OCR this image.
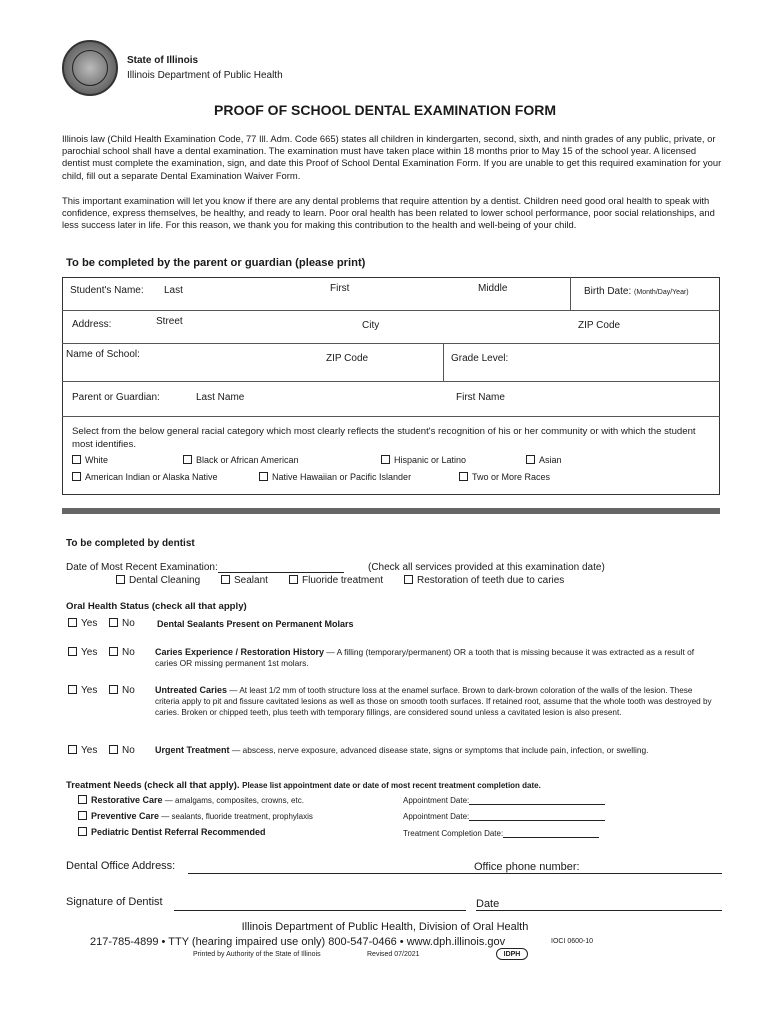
State of Illinois
Illinois Department of Public Health
PROOF OF SCHOOL DENTAL EXAMINATION FORM
Illinois law (Child Health Examination Code, 77 Ill. Adm. Code 665) states all children in kindergarten, second, sixth, and ninth grades of any public, private, or parochial school shall have a dental examination. The examination must have taken place within 18 months prior to May 15 of the school year. A licensed dentist must complete the examination, sign, and date this Proof of School Dental Examination Form. If you are unable to get this required examination for your child, fill out a separate Dental Examination Waiver Form.
This important examination will let you know if there are any dental problems that require attention by a dentist. Children need good oral health to speak with confidence, express themselves, be healthy, and ready to learn. Poor oral health has been related to lower school performance, poor social relationships, and less success later in life. For this reason, we thank you for making this contribution to the health and well-being of your child.
To be completed by the parent or guardian (please print)
Student's Name: Last	First	Middle	Birth Date: (Month/Day/Year)
Address:	Street	City	ZIP Code
Name of School:	ZIP Code	Grade Level:
Parent or Guardian:	Last Name	First Name
Select from the below general racial category which most clearly reflects the student's recognition of his or her community or with which the student most identifies.
White	Black or African American	Hispanic or Latino	Asian
American Indian or Alaska Native	Native Hawaiian or Pacific Islander	Two or More Races
To be completed by dentist
Date of Most Recent Examination:	(Check all services provided at this examination date)
Dental Cleaning	Sealant	Fluoride treatment	Restoration of teeth due to caries
Oral Health Status (check all that apply)
Yes	No Dental Sealants Present on Permanent Molars
Yes	No Caries Experience / Restoration History — A filling (temporary/permanent) OR a tooth that is missing because it was extracted as a result of caries OR missing permanent 1st molars.
Yes	No Untreated Caries — At least 1/2 mm of tooth structure loss at the enamel surface. Brown to dark-brown coloration of the walls of the lesion. These criteria apply to pit and fissure cavitated lesions as well as those on smooth tooth surfaces. If retained root, assume that the whole tooth was destroyed by caries. Broken or chipped teeth, plus teeth with temporary fillings, are considered sound unless a cavitated lesion is also present.
Yes	No Urgent Treatment — abscess, nerve exposure, advanced disease state, signs or symptoms that include pain, infection, or swelling.
Treatment Needs (check all that apply). Please list appointment date or date of most recent treatment completion date.
Restorative Care — amalgams, composites, crowns, etc.	Appointment Date:
Preventive Care — sealants, fluoride treatment, prophylaxis	Appointment Date:
Pediatric Dentist Referral Recommended	Treatment Completion Date:
Dental Office Address:	Office phone number:
Signature of Dentist	Date
Illinois Department of Public Health, Division of Oral Health
217-785-4899 • TTY (hearing impaired use only) 800-547-0466 • www.dph.illinois.gov	IOCI 0600-10
Printed by Authority of the State of Illinois	Revised 07/2021	IDPH
